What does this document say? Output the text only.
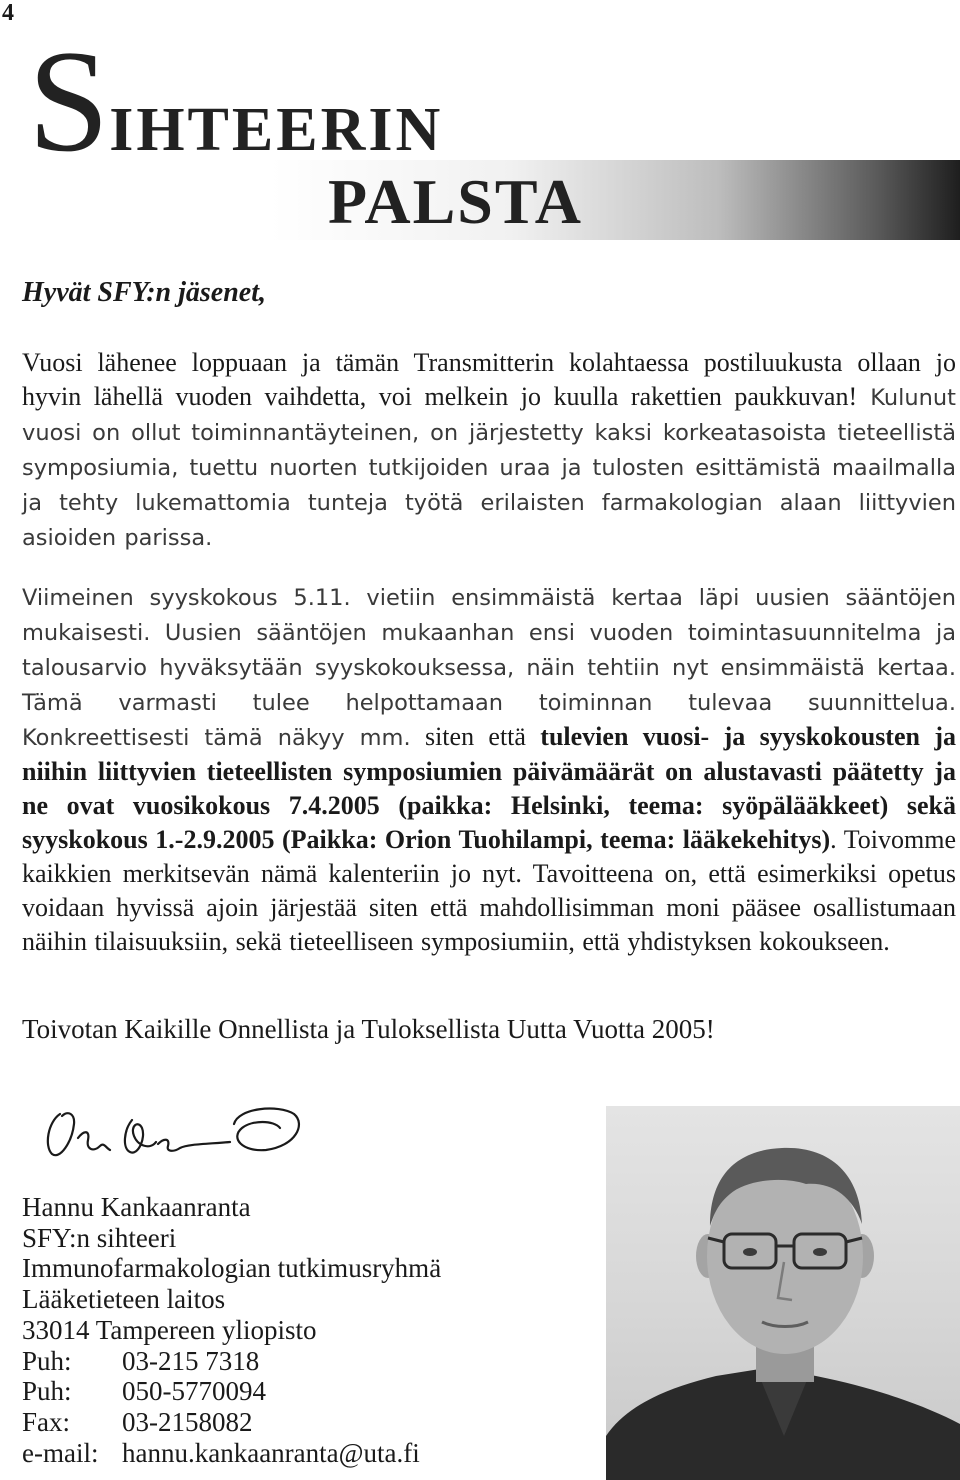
4
SIHTEERIN
PALSTA
Hyvät SFY:n jäsenet,
Vuosi lähenee loppuaan ja tämän Transmitterin kolahtaessa postiluukusta ollaan jo hyvin lähellä vuoden vaihdetta, voi melkein jo kuulla rakettien paukkuvan! Kulunut vuosi on ollut toiminnantäyteinen, on järjestetty kaksi korkeatasoista tieteellistä symposiumia, tuettu nuorten tutkijoiden uraa ja tulosten esittämistä maailmalla ja tehty lukemattomia tunteja työtä erilaisten farmakologian alaan liittyvien asioiden parissa.
Viimeinen syyskokous 5.11. vietiin ensimmäistä kertaa läpi uusien sääntöjen mukaisesti. Uusien sääntöjen mukaanhan ensi vuoden toimintasuunnitelma ja talousarvio hyväksytään syyskokouksessa, näin tehtiin nyt ensimmäistä kertaa. Tämä varmasti tulee helpottamaan toiminnan tulevaa suunnittelua. Konkreettisesti tämä näkyy mm. siten että tulevien vuosi- ja syyskokousten ja niihin liittyvien tieteellisten symposiumien päivämäärät on alustavasti päätetty ja ne ovat vuosikokous 7.4.2005 (paikka: Helsinki, teema: syöpälääkkeet) sekä syyskokous 1.-2.9.2005 (Paikka: Orion Tuohilampi, teema: lääkekehitys). Toivomme kaikkien merkitsevän nämä kalenteriin jo nyt. Tavoitteena on, että esimerkiksi opetus voidaan hyvissä ajoin järjestää siten että mahdollisimman moni pääsee osallistumaan näihin tilaisuuksiin, sekä tieteelliseen symposiumiin, että yhdistyksen kokoukseen.
Toivotan Kaikille Onnellista ja Tuloksellista Uutta Vuotta 2005!
Hannu Kankaanranta
SFY:n sihteeri
Immunofarmakologian tutkimusryhmä
Lääketieteen laitos
33014 Tampereen yliopisto
Puh:	03-215 7318
Puh:	050-5770094
Fax:	03-2158082
e-mail: hannu.kankaanranta@uta.fi
